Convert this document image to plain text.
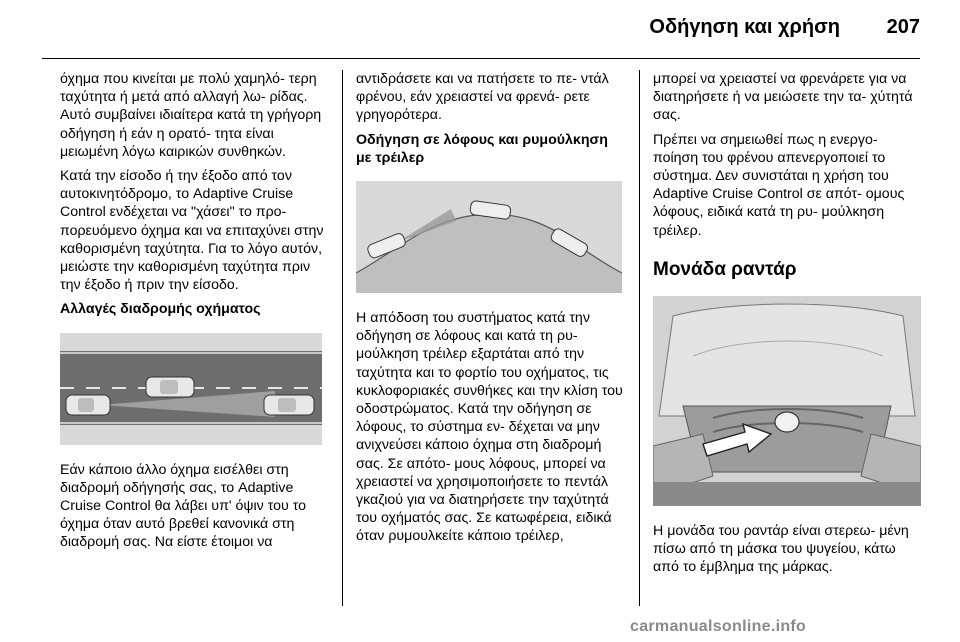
Οδήγηση και χρήση 207

όχημα που κινείται με πολύ χαμηλό- τερη ταχύτητα ή μετά από αλλαγή λω- ρίδας. Αυτό συμβαίνει ιδιαίτερα κατά τη γρήγορη οδήγηση ή εάν η ορατό- τητα είναι μειωμένη λόγω καιρικών συνθηκών.

Κατά την είσοδο ή την έξοδο από τον αυτοκινητόδρομο, το Adaptive Cruise Control ενδέχεται να "χάσει" το προ- πορευόμενο όχημα και να επιταχύνει στην καθορισμένη ταχύτητα. Για το λόγο αυτόν, μειώστε την καθορισμένη ταχύτητα πριν την έξοδο ή πριν την είσοδο.

Αλλαγές διαδρομής οχήματος

Εάν κάποιο άλλο όχημα εισέλθει στη διαδρομή οδήγησής σας, το Adaptive Cruise Control θα λάβει υπ' όψιν του το όχημα όταν αυτό βρεθεί κανονικά στη διαδρομή σας. Να είστε έτοιμοι να

αντιδράσετε και να πατήσετε το πε- ντάλ φρένου, εάν χρειαστεί να φρενά- ρετε γρηγορότερα.

Οδήγηση σε λόφους και ρυμούλκηση με τρέιλερ

Η απόδοση του συστήματος κατά την οδήγηση σε λόφους και κατά τη ρυ- μούλκηση τρέιλερ εξαρτάται από την ταχύτητα και το φορτίο του οχήματος, τις κυκλοφοριακές συνθήκες και την κλίση του οδοστρώματος. Κατά την οδήγηση σε λόφους, το σύστημα εν- δέχεται να μην ανιχνεύσει κάποιο όχημα στη διαδρομή σας. Σε απότο- μους λόφους, μπορεί να χρειαστεί να χρησιμοποιήσετε το πεντάλ γκαζιού για να διατηρήσετε την ταχύτητά του οχήματός σας. Σε κατωφέρεια, ειδικά όταν ρυμουλκείτε κάποιο τρέιλερ,

μπορεί να χρειαστεί να φρενάρετε για να διατηρήσετε ή να μειώσετε την τα- χύτητά σας.

Πρέπει να σημειωθεί πως η ενεργο- ποίηση του φρένου απενεργοποιεί το σύστημα. Δεν συνιστάται η χρήση του Adaptive Cruise Control σε απότ- ομους λόφους, ειδικά κατά τη ρυ- μούλκηση τρέιλερ.

Μονάδα ραντάρ

Η μονάδα του ραντάρ είναι στερεω- μένη πίσω από τη μάσκα του ψυγείου, κάτω από το έμβλημα της μάρκας.

carmanualsonline.info
